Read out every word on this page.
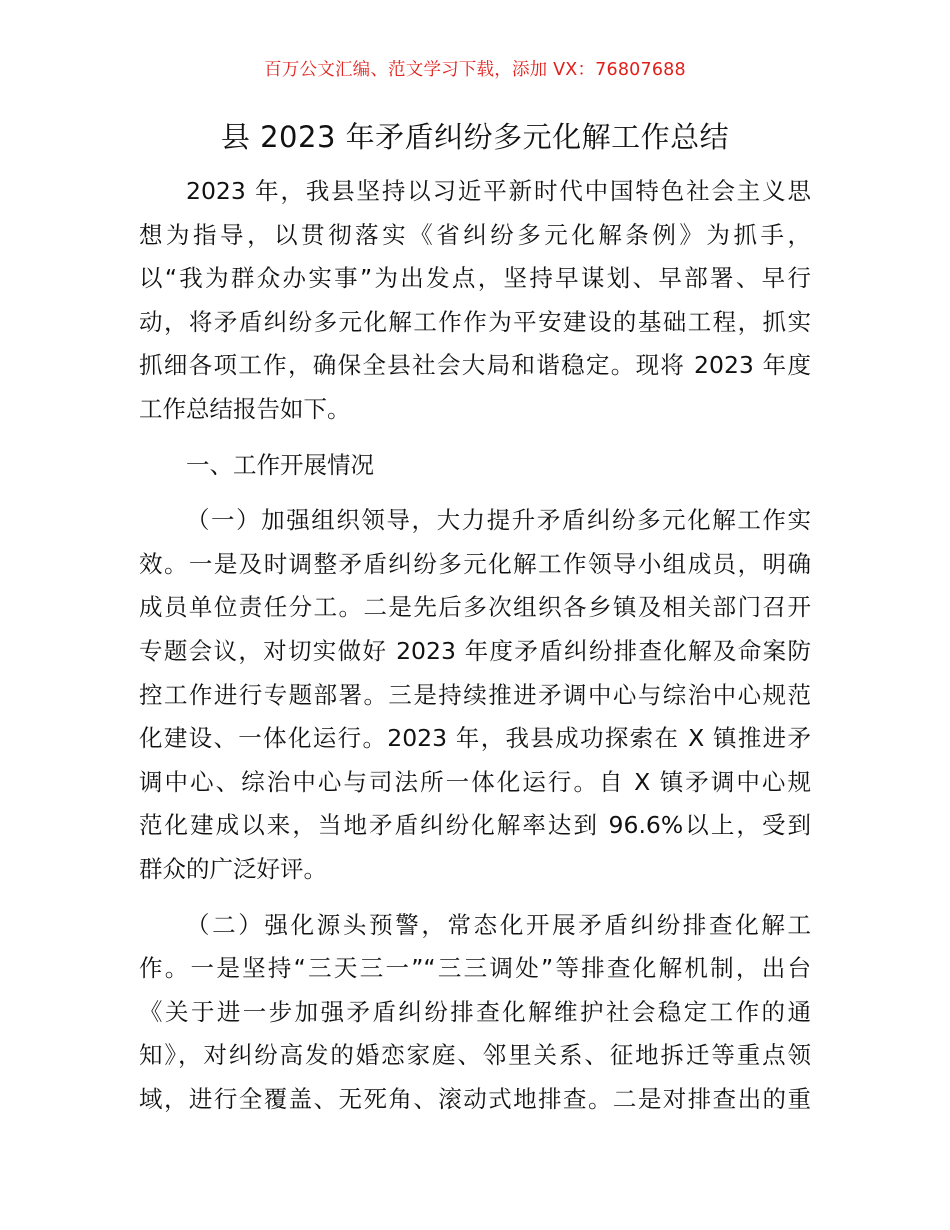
百万公文汇编、范文学习下载，添加 VX：76807688
县 2023 年矛盾纠纷多元化解工作总结
2023 年，我县坚持以习近平新时代中国特色社会主义思
想为指导，以贯彻落实《省纠纷多元化解条例》为抓手，
以“我为群众办实事”为出发点，坚持早谋划、早部署、早行
动，将矛盾纠纷多元化解工作作为平安建设的基础工程，抓实
抓细各项工作，确保全县社会大局和谐稳定。现将 2023 年度
工作总结报告如下。
一、工作开展情况
（一）加强组织领导，大力提升矛盾纠纷多元化解工作实
效。一是及时调整矛盾纠纷多元化解工作领导小组成员，明确
成员单位责任分工。二是先后多次组织各乡镇及相关部门召开
专题会议，对切实做好 2023 年度矛盾纠纷排查化解及命案防
控工作进行专题部署。三是持续推进矛调中心与综治中心规范
化建设、一体化运行。2023 年，我县成功探索在 X 镇推进矛
调中心、综治中心与司法所一体化运行。自 X 镇矛调中心规
范化建成以来，当地矛盾纠纷化解率达到 96.6%以上，受到
群众的广泛好评。
（二）强化源头预警，常态化开展矛盾纠纷排查化解工
作。一是坚持“三天三一”“三三调处”等排查化解机制，出台
《关于进一步加强矛盾纠纷排查化解维护社会稳定工作的通
知》，对纠纷高发的婚恋家庭、邻里关系、征地拆迁等重点领
域，进行全覆盖、无死角、滚动式地排查。二是对排查出的重
